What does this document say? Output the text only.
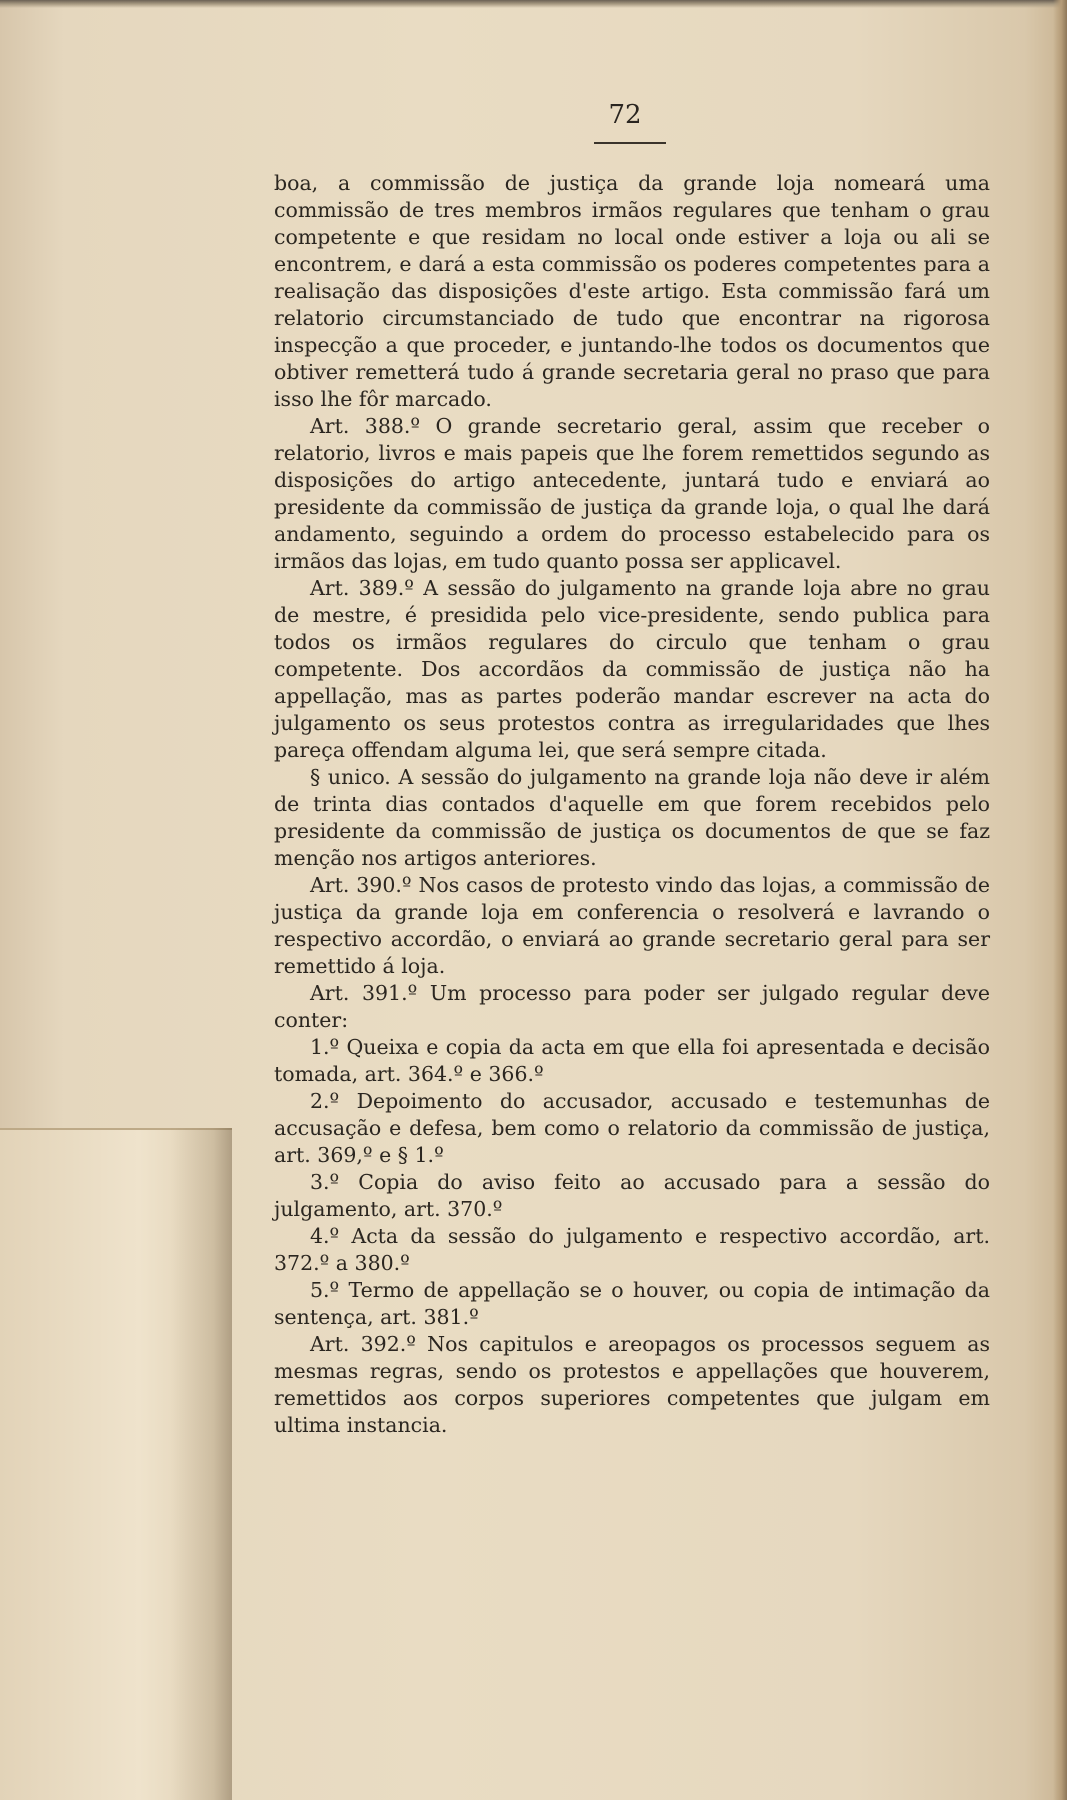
72

boa, a commissão de justiça da grande loja nomeará uma commissão de tres membros irmãos regulares que tenham o grau competente e que residam no local onde estiver a loja ou ali se encontrem, e dará a esta commissão os poderes competentes para a realisação das disposições d'este artigo. Esta commissão fará um relatorio circumstanciado de tudo que encontrar na rigorosa inspecção a que proceder, e juntando-lhe todos os documentos que obtiver remetterá tudo á grande secretaria geral no praso que para isso lhe fôr marcado.

Art. 388.º O grande secretario geral, assim que receber o relatorio, livros e mais papeis que lhe forem remettidos segundo as disposições do artigo antecedente, juntará tudo e enviará ao presidente da commissão de justiça da grande loja, o qual lhe dará andamento, seguindo a ordem do processo estabelecido para os irmãos das lojas, em tudo quanto possa ser applicavel.

Art. 389.º A sessão do julgamento na grande loja abre no grau de mestre, é presidida pelo vice-presidente, sendo publica para todos os irmãos regulares do circulo que tenham o grau competente. Dos accordãos da commissão de justiça não ha appellação, mas as partes poderão mandar escrever na acta do julgamento os seus protestos contra as irregularidades que lhes pareça offendam alguma lei, que será sempre citada.

§ unico. A sessão do julgamento na grande loja não deve ir além de trinta dias contados d'aquelle em que forem recebidos pelo presidente da commissão de justiça os documentos de que se faz menção nos artigos anteriores.

Art. 390.º Nos casos de protesto vindo das lojas, a commissão de justiça da grande loja em conferencia o resolverá e lavrando o respectivo accordão, o enviará ao grande secretario geral para ser remettido á loja.

Art. 391.º Um processo para poder ser julgado regular deve conter:

1.º Queixa e copia da acta em que ella foi apresentada e decisão tomada, art. 364.º e 366.º

2.º Depoimento do accusador, accusado e testemunhas de accusação e defesa, bem como o relatorio da commissão de justiça, art. 369,º e § 1.º

3.º Copia do aviso feito ao accusado para a sessão do julgamento, art. 370.º

4.º Acta da sessão do julgamento e respectivo accordão, art. 372.º a 380.º

5.º Termo de appellação se o houver, ou copia de intimação da sentença, art. 381.º

Art. 392.º Nos capitulos e areopagos os processos seguem as mesmas regras, sendo os protestos e appellações que houverem, remettidos aos corpos superiores competentes que julgam em ultima instancia.
